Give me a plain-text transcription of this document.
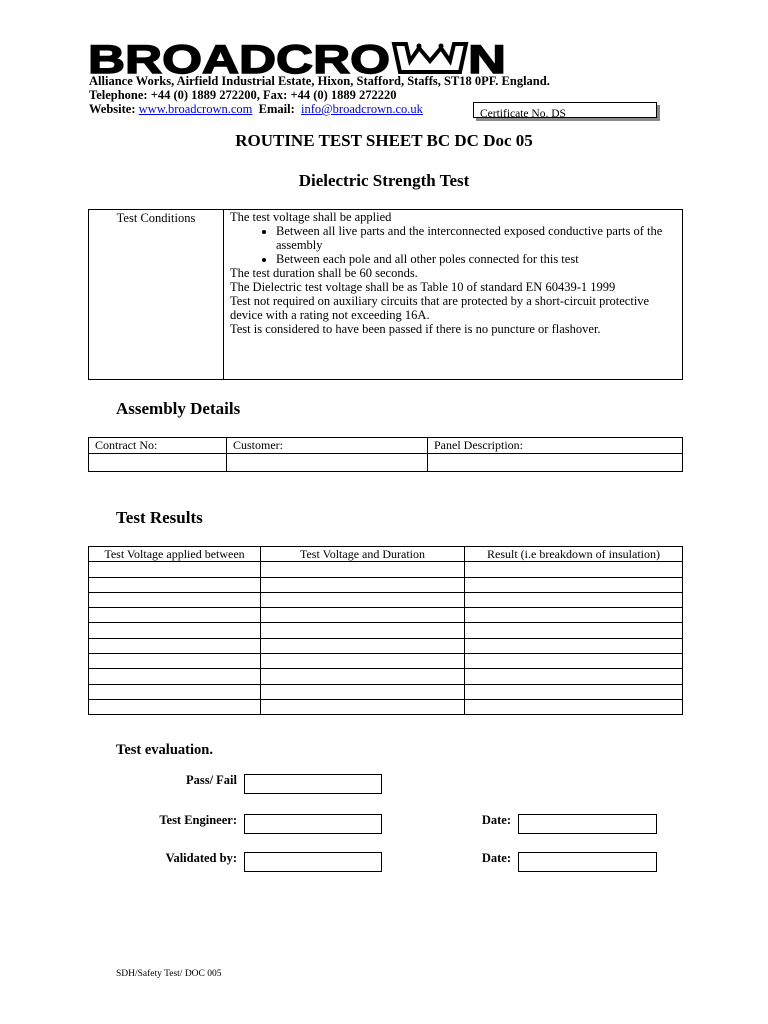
BROADCRO N
Alliance Works, Airfield Industrial Estate, Hixon, Stafford, Staffs, ST18 0PF. England.
Telephone: +44 (0) 1889 272200, Fax: +44 (0) 1889 272220
Website: www.broadcrown.com Email: info@broadcrown.co.uk	Certificate No. DS
ROUTINE TEST SHEET BC DC Doc 05
Dielectric Strength Test
Test Conditions	The test voltage shall be applied
• Between all live parts and the interconnected exposed conductive parts of the assembly
• Between each pole and all other poles connected for this test
The test duration shall be 60 seconds.
The Dielectric test voltage shall be as Table 10 of standard EN 60439-1 1999
Test not required on auxiliary circuits that are protected by a short-circuit protective device with a rating not exceeding 16A.
Test is considered to have been passed if there is no puncture or flashover.
Assembly Details
Contract No:	Customer:	Panel Description:

Test Results
Test Voltage applied between	Test Voltage and Duration	Result (i.e breakdown of insulation)

Test evaluation.
Pass/ Fail
Test Engineer:	Date:
Validated by:	Date:
SDH/Safety Test/ DOC 005
